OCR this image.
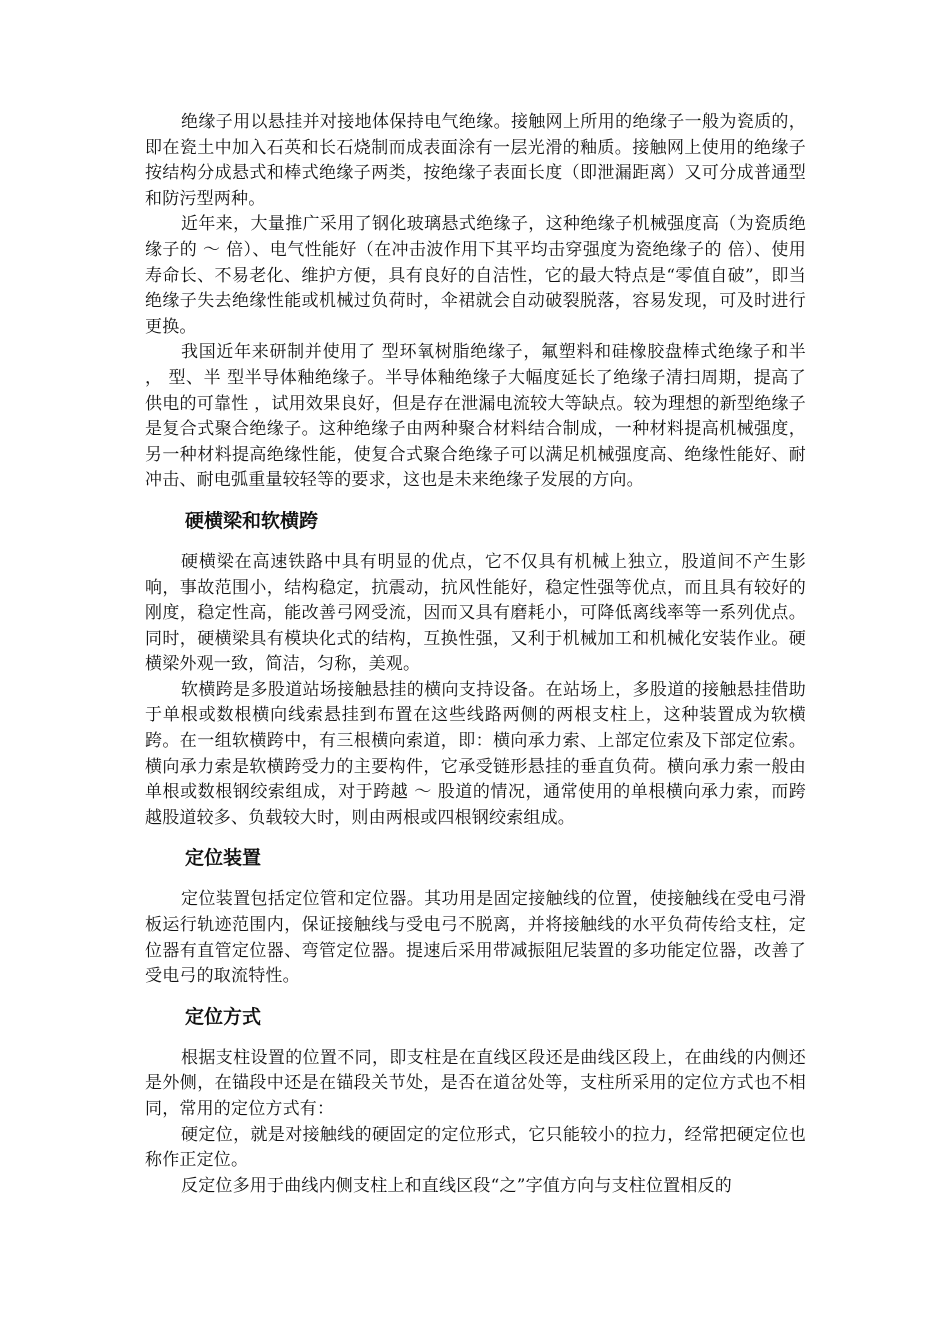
绝缘子用以悬挂并对接地体保持电气绝缘。接触网上所用的绝缘子一般为瓷质的，即在瓷土中加入石英和长石烧制而成表面涂有一层光滑的釉质。接触网上使用的绝缘子按结构分成悬式和棒式绝缘子两类，按绝缘子表面长度（即泄漏距离）又可分成普通型和防污型两种。

近年来，大量推广采用了钢化玻璃悬式绝缘子，这种绝缘子机械强度高（为瓷质绝缘子的 ～ 倍）、电气性能好（在冲击波作用下其平均击穿强度为瓷绝缘子的 倍）、使用寿命长、不易老化、维护方便，具有良好的自洁性，它的最大特点是“零值自破”，即当绝缘子失去绝缘性能或机械过负荷时，伞裙就会自动破裂脱落，容易发现，可及时进行更换。

我国近年来研制并使用了 型环氧树脂绝缘子，氟塑料和硅橡胶盘棒式绝缘子和半 ， 型、半 型半导体釉绝缘子。半导体釉绝缘子大幅度延长了绝缘子清扫周期，提高了供电的可靠性 ，试用效果良好，但是存在泄漏电流较大等缺点。较为理想的新型绝缘子是复合式聚合绝缘子。这种绝缘子由两种聚合材料结合制成，一种材料提高机械强度，另一种材料提高绝缘性能，使复合式聚合绝缘子可以满足机械强度高、绝缘性能好、耐冲击、耐电弧重量较轻等的要求，这也是未来绝缘子发展的方向。

硬横梁和软横跨

硬横梁在高速铁路中具有明显的优点，它不仅具有机械上独立，股道间不产生影响，事故范围小，结构稳定，抗震动，抗风性能好，稳定性强等优点，而且具有较好的刚度，稳定性高，能改善弓网受流，因而又具有磨耗小，可降低离线率等一系列优点。同时，硬横梁具有模块化式的结构，互换性强，又利于机械加工和机械化安装作业。硬横梁外观一致，简洁，匀称，美观。

软横跨是多股道站场接触悬挂的横向支持设备。在站场上，多股道的接触悬挂借助于单根或数根横向线索悬挂到布置在这些线路两侧的两根支柱上，这种装置成为软横跨。在一组软横跨中，有三根横向索道，即：横向承力索、上部定位索及下部定位索。横向承力索是软横跨受力的主要构件，它承受链形悬挂的垂直负荷。横向承力索一般由单根或数根钢绞索组成，对于跨越 ～ 股道的情况，通常使用的单根横向承力索，而跨越股道较多、负载较大时，则由两根或四根钢绞索组成。

定位装置

定位装置包括定位管和定位器。其功用是固定接触线的位置，使接触线在受电弓滑板运行轨迹范围内，保证接触线与受电弓不脱离，并将接触线的水平负荷传给支柱，定位器有直管定位器、弯管定位器。提速后采用带减振阻尼装置的多功能定位器，改善了受电弓的取流特性。

定位方式

根据支柱设置的位置不同，即支柱是在直线区段还是曲线区段上，在曲线的内侧还是外侧，在锚段中还是在锚段关节处，是否在道岔处等，支柱所采用的定位方式也不相同，常用的定位方式有：

硬定位，就是对接触线的硬固定的定位形式，它只能较小的拉力，经常把硬定位也称作正定位。

反定位多用于曲线内侧支柱上和直线区段“之”字值方向与支柱位置相反的
